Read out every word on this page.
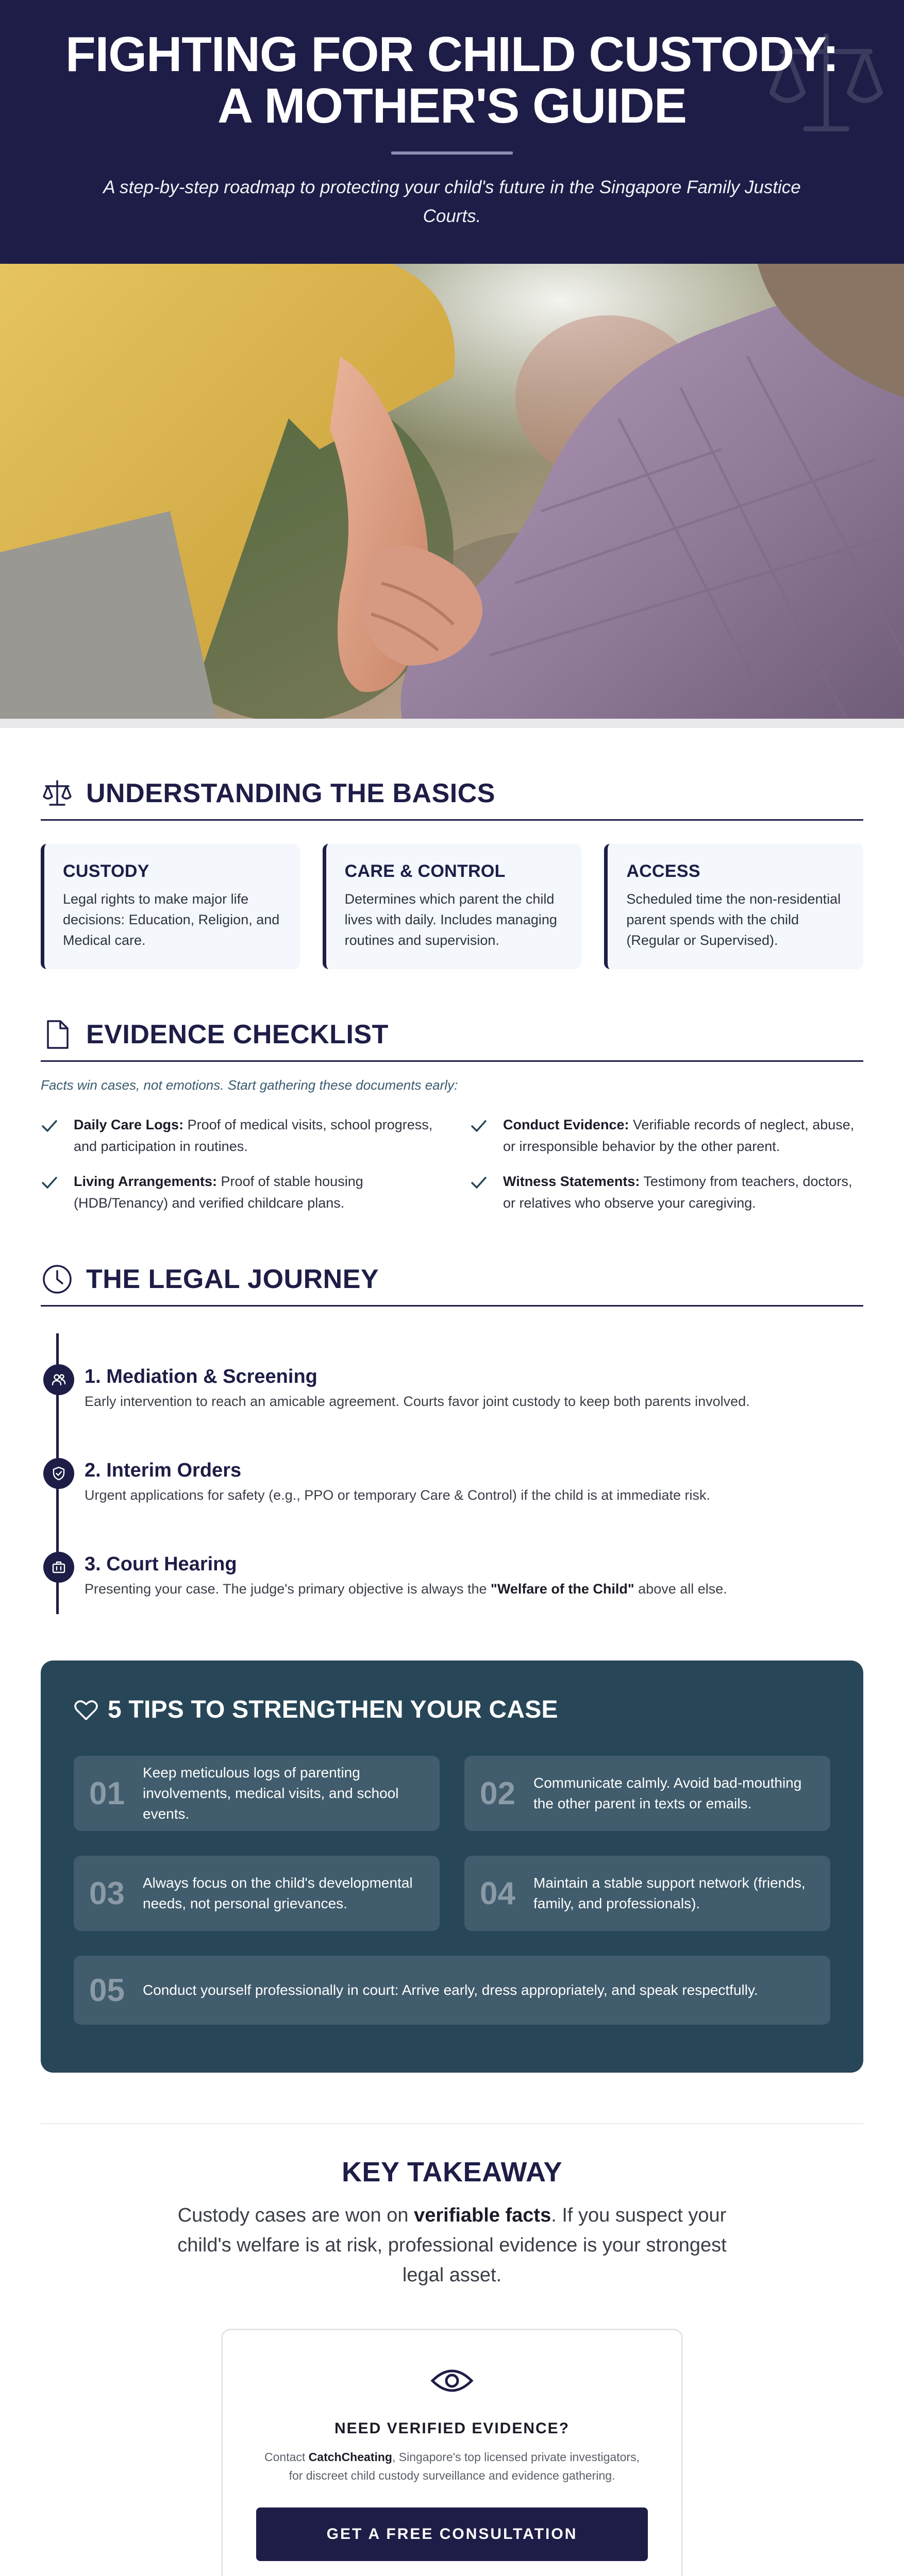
FIGHTING FOR CHILD CUSTODY:
A MOTHER'S GUIDE

A step-by-step roadmap to protecting your child's future in the Singapore Family Justice Courts.

UNDERSTANDING THE BASICS
CUSTODY
Legal rights to make major life decisions: Education, Religion, and Medical care.
CARE & CONTROL
Determines which parent the child lives with daily. Includes managing routines and supervision.
ACCESS
Scheduled time the non-residential parent spends with the child (Regular or Supervised).
EVIDENCE CHECKLIST

Facts win cases, not emotions. Start gathering these documents early:

Daily Care Logs: Proof of medical visits, school progress, and participation in routines.

Conduct Evidence: Verifiable records of neglect, abuse, or irresponsible behavior by the other parent.

Living Arrangements: Proof of stable housing (HDB/Tenancy) and verified childcare plans.

Witness Statements: Testimony from teachers, doctors, or relatives who observe your caregiving.

THE LEGAL JOURNEY
1. Mediation & Screening
Early intervention to reach an amicable agreement. Courts favor joint custody to keep both parents involved.
2. Interim Orders
Urgent applications for safety (e.g., PPO or temporary Care & Control) if the child is at immediate risk.
3. Court Hearing
Presenting your case. The judge's primary objective is always the "Welfare of the Child" above all else.
5 TIPS TO STRENGTHEN YOUR CASE
01
Keep meticulous logs of parenting involvements, medical visits, and school events.
02	Communicate calmly. Avoid bad-mouthing the other parent in texts or emails.
03	Always focus on the child's developmental needs, not personal grievances.	04	Maintain a stable support network (friends, family, and professionals).
05	Conduct yourself professionally in court: Arrive early, dress appropriately, and speak respectfully.
KEY TAKEAWAY

Custody cases are won on verifiable facts. If you suspect your child's welfare is at risk, professional evidence is your strongest legal asset.

NEED VERIFIED EVIDENCE?

Contact CatchCheating, Singapore's top licensed private investigators, for discreet child custody surveillance and evidence gathering.

GET A FREE CONSULTATION
